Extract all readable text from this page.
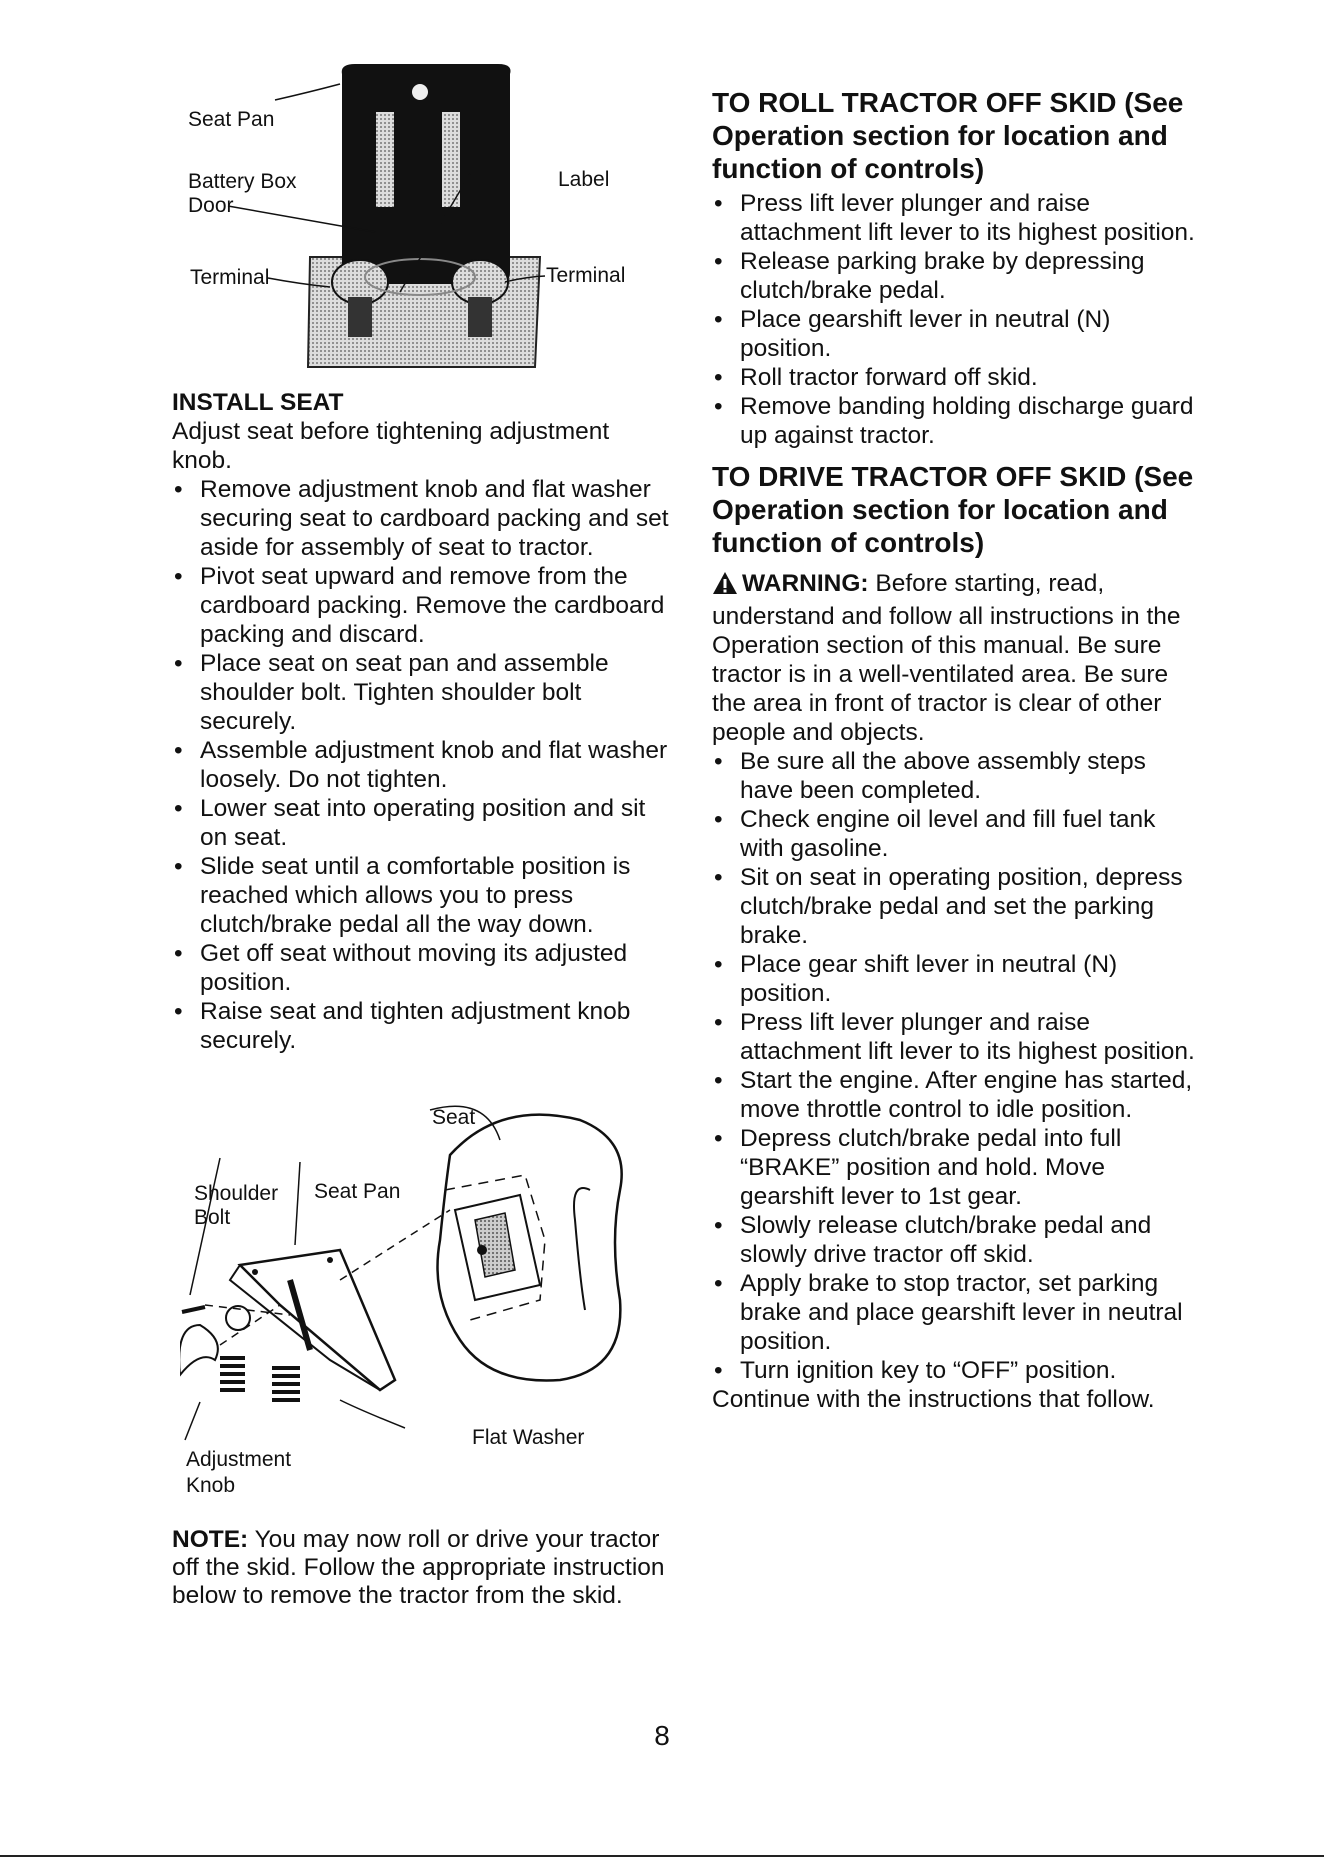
Seat Pan
Battery Box
Door
Terminal
Label
Terminal
INSTALL SEAT

Adjust seat before tightening adjustment knob.

• Remove adjustment knob and flat washer securing seat to cardboard packing and set aside for assembly of seat to tractor.
• Pivot seat upward and remove from the cardboard packing. Remove the cardboard packing and discard.
• Place seat on seat pan and assemble shoulder bolt. Tighten shoulder bolt securely.
• Assemble adjustment knob and flat washer loosely. Do not tighten.
• Lower seat into operating position and sit on seat.
• Slide seat until a comfortable position is reached which allows you to press clutch/brake pedal all the way down.
• Get off seat without moving its adjusted position.
• Raise seat and tighten adjustment knob securely.
Seat
Shoulder
Bolt
Seat Pan
Flat Washer
Adjustment
Knob
NOTE: You may now roll or drive your tractor off the skid. Follow the appropriate instruction below to remove the tractor from the skid.
TO ROLL TRACTOR OFF SKID (See Operation section for location and function of controls)
• Press lift lever plunger and raise attachment lift lever to its highest position.
• Release parking brake by depressing clutch/brake pedal.
• Place gearshift lever in neutral (N) position.
• Roll tractor forward off skid.
• Remove banding holding discharge guard up against tractor.
TO DRIVE TRACTOR OFF SKID (See Operation section for location and function of controls)

WARNING: Before starting, read, understand and follow all instructions in the Operation section of this manual. Be sure tractor is in a well-ventilated area. Be sure the area in front of tractor is clear of other people and objects.

• Be sure all the above assembly steps have been completed.
• Check engine oil level and fill fuel tank with gasoline.
• Sit on seat in operating position, depress clutch/brake pedal and set the parking brake.
• Place gear shift lever in neutral (N) position.
• Press lift lever plunger and raise attachment lift lever to its highest position.
• Start the engine. After engine has started, move throttle control to idle position.
• Depress clutch/brake pedal into full “BRAKE” position and hold. Move gearshift lever to 1st gear.
• Slowly release clutch/brake pedal and slowly drive tractor off skid.
• Apply brake to stop tractor, set parking brake and place gearshift lever in neutral position.
• Turn ignition key to “OFF” position.

Continue with the instructions that follow.

8
